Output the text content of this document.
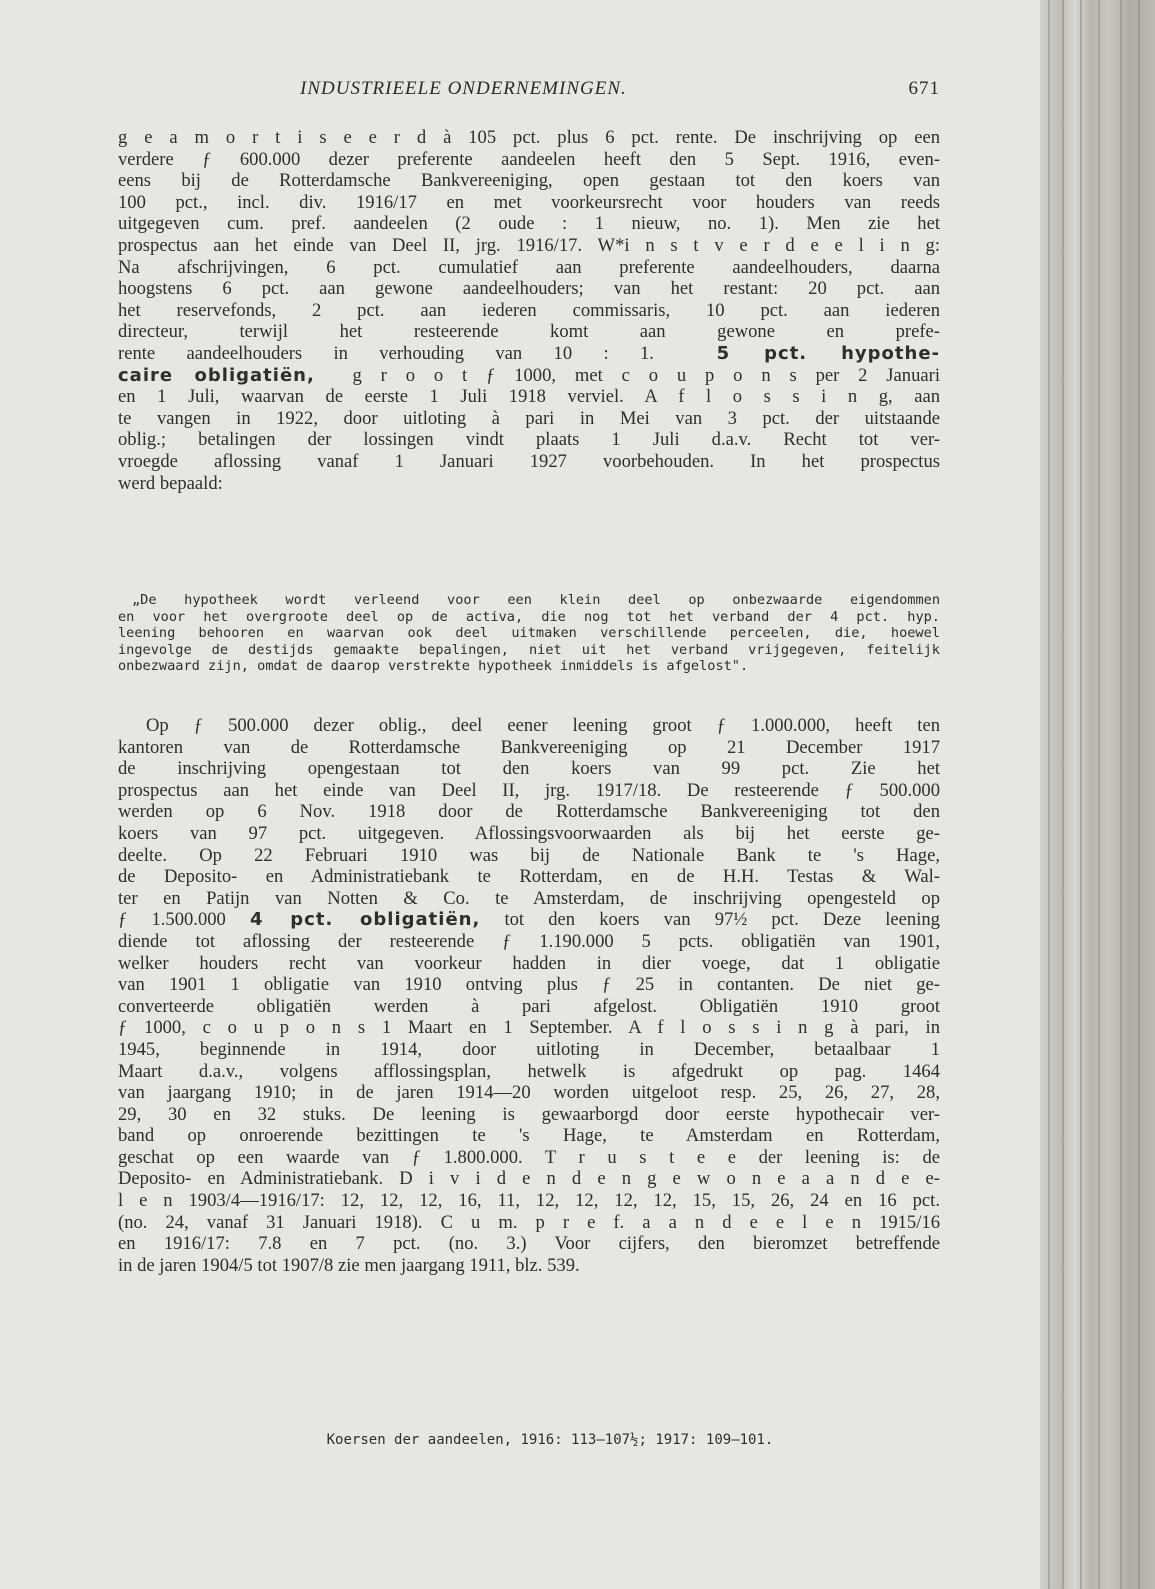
INDUSTRIEELE ONDERNEMINGEN.	671
g e a m o r t i s e e r d à 105 pct. plus 6 pct. rente. De inschrijving op een
verdere ƒ 600.000 dezer preferente aandeelen heeft den 5 Sept. 1916, even-
eens bij de Rotterdamsche Bankvereeniging, open gestaan tot den koers van
100 pct., incl. div. 1916/17 en met voorkeursrecht voor houders van reeds
uitgegeven cum. pref. aandeelen (2 oude : 1 nieuw, no. 1). Men zie het
prospectus aan het einde van Deel II, jrg. 1916/17. W*i n s t v e r d e e l i n g:
Na afschrijvingen, 6 pct. cumulatief aan preferente aandeelhouders, daarna
hoogstens 6 pct. aan gewone aandeelhouders; van het restant: 20 pct. aan
het reservefonds, 2 pct. aan iederen commissaris, 10 pct. aan iederen
directeur, terwijl het resteerende komt aan gewone en prefe-
rente aandeelhouders in verhouding van 10 : 1.	5 pct. hypothe-
caire obligatiën, g r o o t ƒ 1000, met c o u p o n s per 2 Januari
en 1 Juli, waarvan de eerste 1 Juli 1918 verviel. A f l o s s i n g, aan
te vangen in 1922, door uitloting à pari in Mei van 3 pct. der uitstaande
oblig.; betalingen der lossingen vindt plaats 1 Juli d.a.v. Recht tot ver-
vroegde aflossing vanaf 1 Januari 1927 voorbehouden. In het prospectus
werd bepaald:
„De hypotheek wordt verleend voor een klein deel op onbezwaarde eigendommen
en voor het overgroote deel op de activa, die nog tot het verband der 4 pct. hyp.
leening behooren en waarvan ook deel uitmaken verschillende perceelen, die, hoewel
ingevolge de destijds gemaakte bepalingen, niet uit het verband vrijgegeven, feitelijk
onbezwaard zijn, omdat de daarop verstrekte hypotheek inmiddels is afgelost".
Op ƒ 500.000 dezer oblig., deel eener leening groot ƒ 1.000.000, heeft ten
kantoren van de Rotterdamsche Bankvereeniging op 21 December 1917
de inschrijving opengestaan tot den koers van 99 pct. Zie het
prospectus aan het einde van Deel II, jrg. 1917/18. De resteerende ƒ 500.000
werden op 6 Nov. 1918 door de Rotterdamsche Bankvereeniging tot den
koers van 97 pct. uitgegeven. Aflossingsvoorwaarden als bij het eerste ge-
deelte. Op 22 Februari 1910 was bij de Nationale Bank te 's Hage,
de Deposito- en Administratiebank te Rotterdam, en de H.H. Testas & Wal-
ter en Patijn van Notten & Co. te Amsterdam, de inschrijving opengesteld op
ƒ 1.500.000 4 pct. obligatiën, tot den koers van 97½ pct. Deze leening
diende tot aflossing der resteerende ƒ 1.190.000 5 pcts. obligatiën van 1901,
welker houders recht van voorkeur hadden in dier voege, dat 1 obligatie
van 1901 1 obligatie van 1910 ontving plus ƒ 25 in contanten. De niet ge-
converteerde obligatiën werden à pari afgelost. Obligatiën 1910 groot
ƒ 1000, c o u p o n s 1 Maart en 1 September. A f l o s s i n g à pari, in
1945, beginnende in 1914, door uitloting in December, betaalbaar 1
Maart d.a.v., volgens afflossingsplan, hetwelk is afgedrukt op pag. 1464
van jaargang 1910; in de jaren 1914—20 worden uitgeloot resp. 25, 26, 27, 28,
29, 30 en 32 stuks. De leening is gewaarborgd door eerste hypothecair ver-
band op onroerende bezittingen te 's Hage, te Amsterdam en Rotterdam,
geschat op een waarde van ƒ 1.800.000. T r u s t e e der leening is: de
Deposito- en Administratiebank. D i v i d e n d e n g e w o n e a a n d e e-
l e n 1903/4—1916/17: 12, 12, 12, 16, 11, 12, 12, 12, 12, 15, 15, 26, 24 en 16 pct.
(no. 24, vanaf 31 Januari 1918). C u m. p r e f. a a n d e e l e n 1915/16
en 1916/17: 7.8 en 7 pct. (no. 3.) Voor cijfers, den bieromzet betreffende
in de jaren 1904/5 tot 1907/8 zie men jaargang 1911, blz. 539.
Koersen der aandeelen, 1916: 113—107½; 1917: 109—101.
